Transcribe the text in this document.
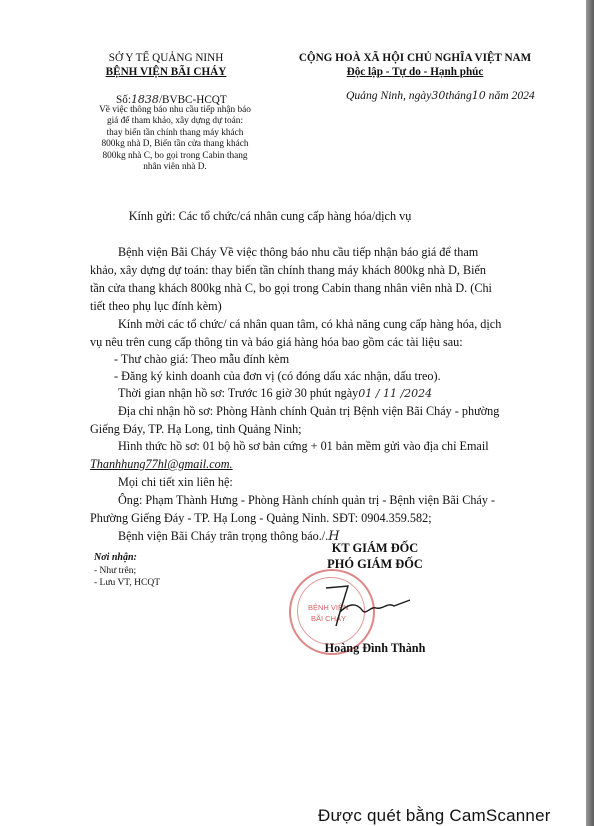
SỞ Y TẾ QUẢNG NINH
BỆNH VIỆN BÃI CHÁY
Số:1838/BVBC-HCQT
Về việc thông báo nhu cầu tiếp nhận báo
giá để tham khảo, xây dựng dự toán:
thay biến tần chính thang máy khách
800kg nhà D, Biến tần cửa thang khách
800kg nhà C, bo gọi trong Cabin thang
nhân viên nhà D.
CỘNG HOÀ XÃ HỘI CHỦ NGHĨA VIỆT NAM
Độc lập - Tự do - Hạnh phúc
Quảng Ninh, ngày30tháng10 năm 2024
Kính gửi: Các tổ chức/cá nhân cung cấp hàng hóa/dịch vụ
Bệnh viện Bãi Cháy Về việc thông báo nhu cầu tiếp nhận báo giá để tham
khảo, xây dựng dự toán: thay biến tần chính thang máy khách 800kg nhà D, Biến
tần cửa thang khách 800kg nhà C, bo gọi trong Cabin thang nhân viên nhà D. (Chi
tiết theo phụ lục đính kèm)
Kính mời các tổ chức/ cá nhân quan tâm, có khả năng cung cấp hàng hóa, dịch
vụ nêu trên cung cấp thông tin và báo giá hàng hóa bao gồm các tài liệu sau:
- Thư chào giá: Theo mẫu đính kèm
- Đăng ký kinh doanh của đơn vị (có đóng dấu xác nhận, dấu treo).
Thời gian nhận hồ sơ: Trước 16 giờ 30 phút ngày01 / 11 /2024
Địa chỉ nhận hồ sơ: Phòng Hành chính Quản trị Bệnh viện Bãi Cháy - phường
Giếng Đáy, TP. Hạ Long, tỉnh Quảng Ninh;
Hình thức hồ sơ: 01 bộ hồ sơ bản cứng + 01 bản mềm gửi vào địa chỉ Email
Thanhhung77hl@gmail.com.
Mọi chi tiết xin liên hệ:
Ông: Phạm Thành Hưng - Phòng Hành chính quản trị - Bệnh viện Bãi Cháy -
Phường Giếng Đáy - TP. Hạ Long - Quảng Ninh. SĐT: 0904.359.582;
Bệnh viện Bãi Cháy trân trọng thông báo./.H
Nơi nhận:
- Như trên;
- Lưu VT, HCQT
KT GIÁM ĐỐC
PHÓ GIÁM ĐỐC
BỆNH VIỆN
BÃI CHÁY
Hoàng Đình Thành
Được quét bằng CamScanner
